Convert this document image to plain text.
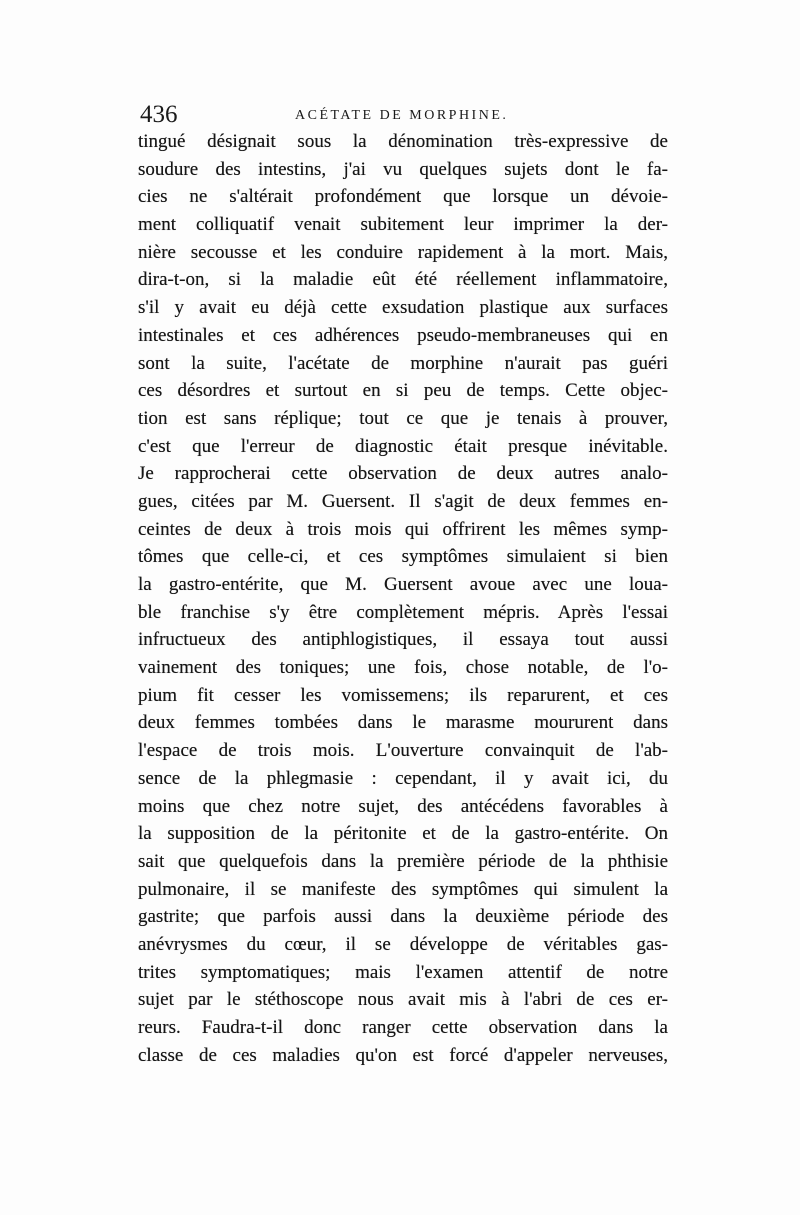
436	ACÉTATE DE MORPHINE.
tingué désignait sous la dénomination très-expressive de
soudure des intestins, j'ai vu quelques sujets dont le fa-
cies ne s'altérait profondément que lorsque un dévoie-
ment colliquatif venait subitement leur imprimer la der-
nière secousse et les conduire rapidement à la mort. Mais,
dira-t-on, si la maladie eût été réellement inflammatoire,
s'il y avait eu déjà cette exsudation plastique aux surfaces
intestinales et ces adhérences pseudo-membraneuses qui en
sont la suite, l'acétate de morphine n'aurait pas guéri
ces désordres et surtout en si peu de temps. Cette objec-
tion est sans réplique; tout ce que je tenais à prouver,
c'est que l'erreur de diagnostic était presque inévitable.
Je rapprocherai cette observation de deux autres analo-
gues, citées par M. Guersent. Il s'agit de deux femmes en-
ceintes de deux à trois mois qui offrirent les mêmes symp-
tômes que celle-ci, et ces symptômes simulaient si bien
la gastro-entérite, que M. Guersent avoue avec une loua-
ble franchise s'y être complètement mépris. Après l'essai
infructueux des antiphlogistiques, il essaya tout aussi
vainement des toniques; une fois, chose notable, de l'o-
pium fit cesser les vomissemens; ils reparurent, et ces
deux femmes tombées dans le marasme moururent dans
l'espace de trois mois. L'ouverture convainquit de l'ab-
sence de la phlegmasie : cependant, il y avait ici, du
moins que chez notre sujet, des antécédens favorables à
la supposition de la péritonite et de la gastro-entérite. On
sait que quelquefois dans la première période de la phthisie
pulmonaire, il se manifeste des symptômes qui simulent la
gastrite; que parfois aussi dans la deuxième période des
anévrysmes du cœur, il se développe de véritables gas-
trites symptomatiques; mais l'examen attentif de notre
sujet par le stéthoscope nous avait mis à l'abri de ces er-
reurs. Faudra-t-il donc ranger cette observation dans la
classe de ces maladies qu'on est forcé d'appeler nerveuses,
